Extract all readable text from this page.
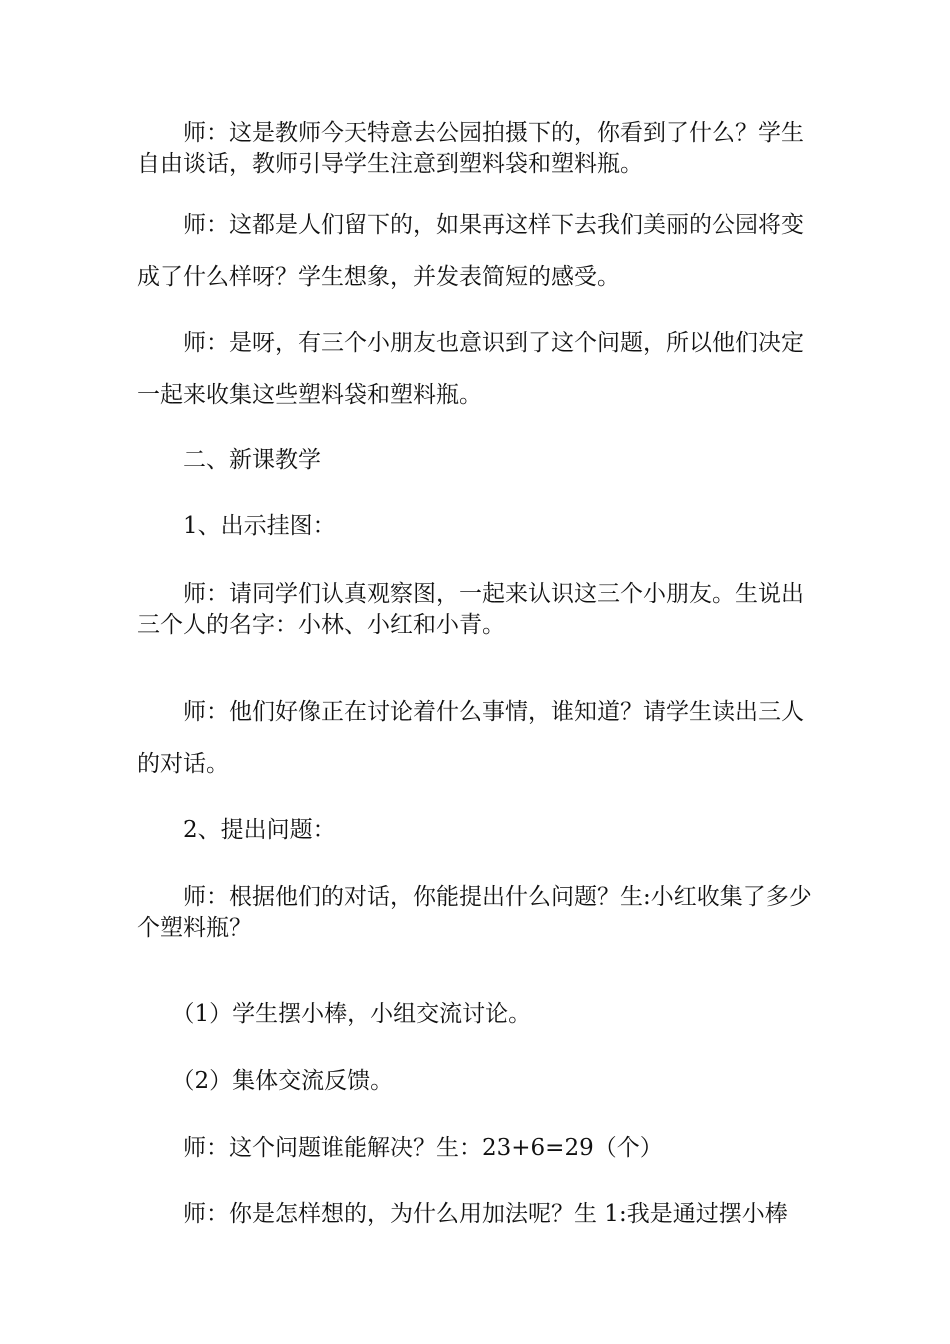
　　师：这是教师今天特意去公园拍摄下的，你看到了什么？学生自由谈话，教师引导学生注意到塑料袋和塑料瓶。

　　师：这都是人们留下的，如果再这样下去我们美丽的公园将变成了什么样呀？学生想象，并发表简短的感受。

　　师：是呀，有三个小朋友也意识到了这个问题，所以他们决定一起来收集这些塑料袋和塑料瓶。

　　二、新课教学

　　1、出示挂图：

　　师：请同学们认真观察图，一起来认识这三个小朋友。生说出三个人的名字：小林、小红和小青。

　　师：他们好像正在讨论着什么事情，谁知道？请学生读出三人的对话。

　　2、提出问题：

　　师：根据他们的对话，你能提出什么问题？生:小红收集了多少个塑料瓶？

　　（1）学生摆小棒，小组交流讨论。

　　（2）集体交流反馈。

　　师：这个问题谁能解决？生：23+6=29（个）

　　师：你是怎样想的，为什么用加法呢？生 1:我是通过摆小棒
